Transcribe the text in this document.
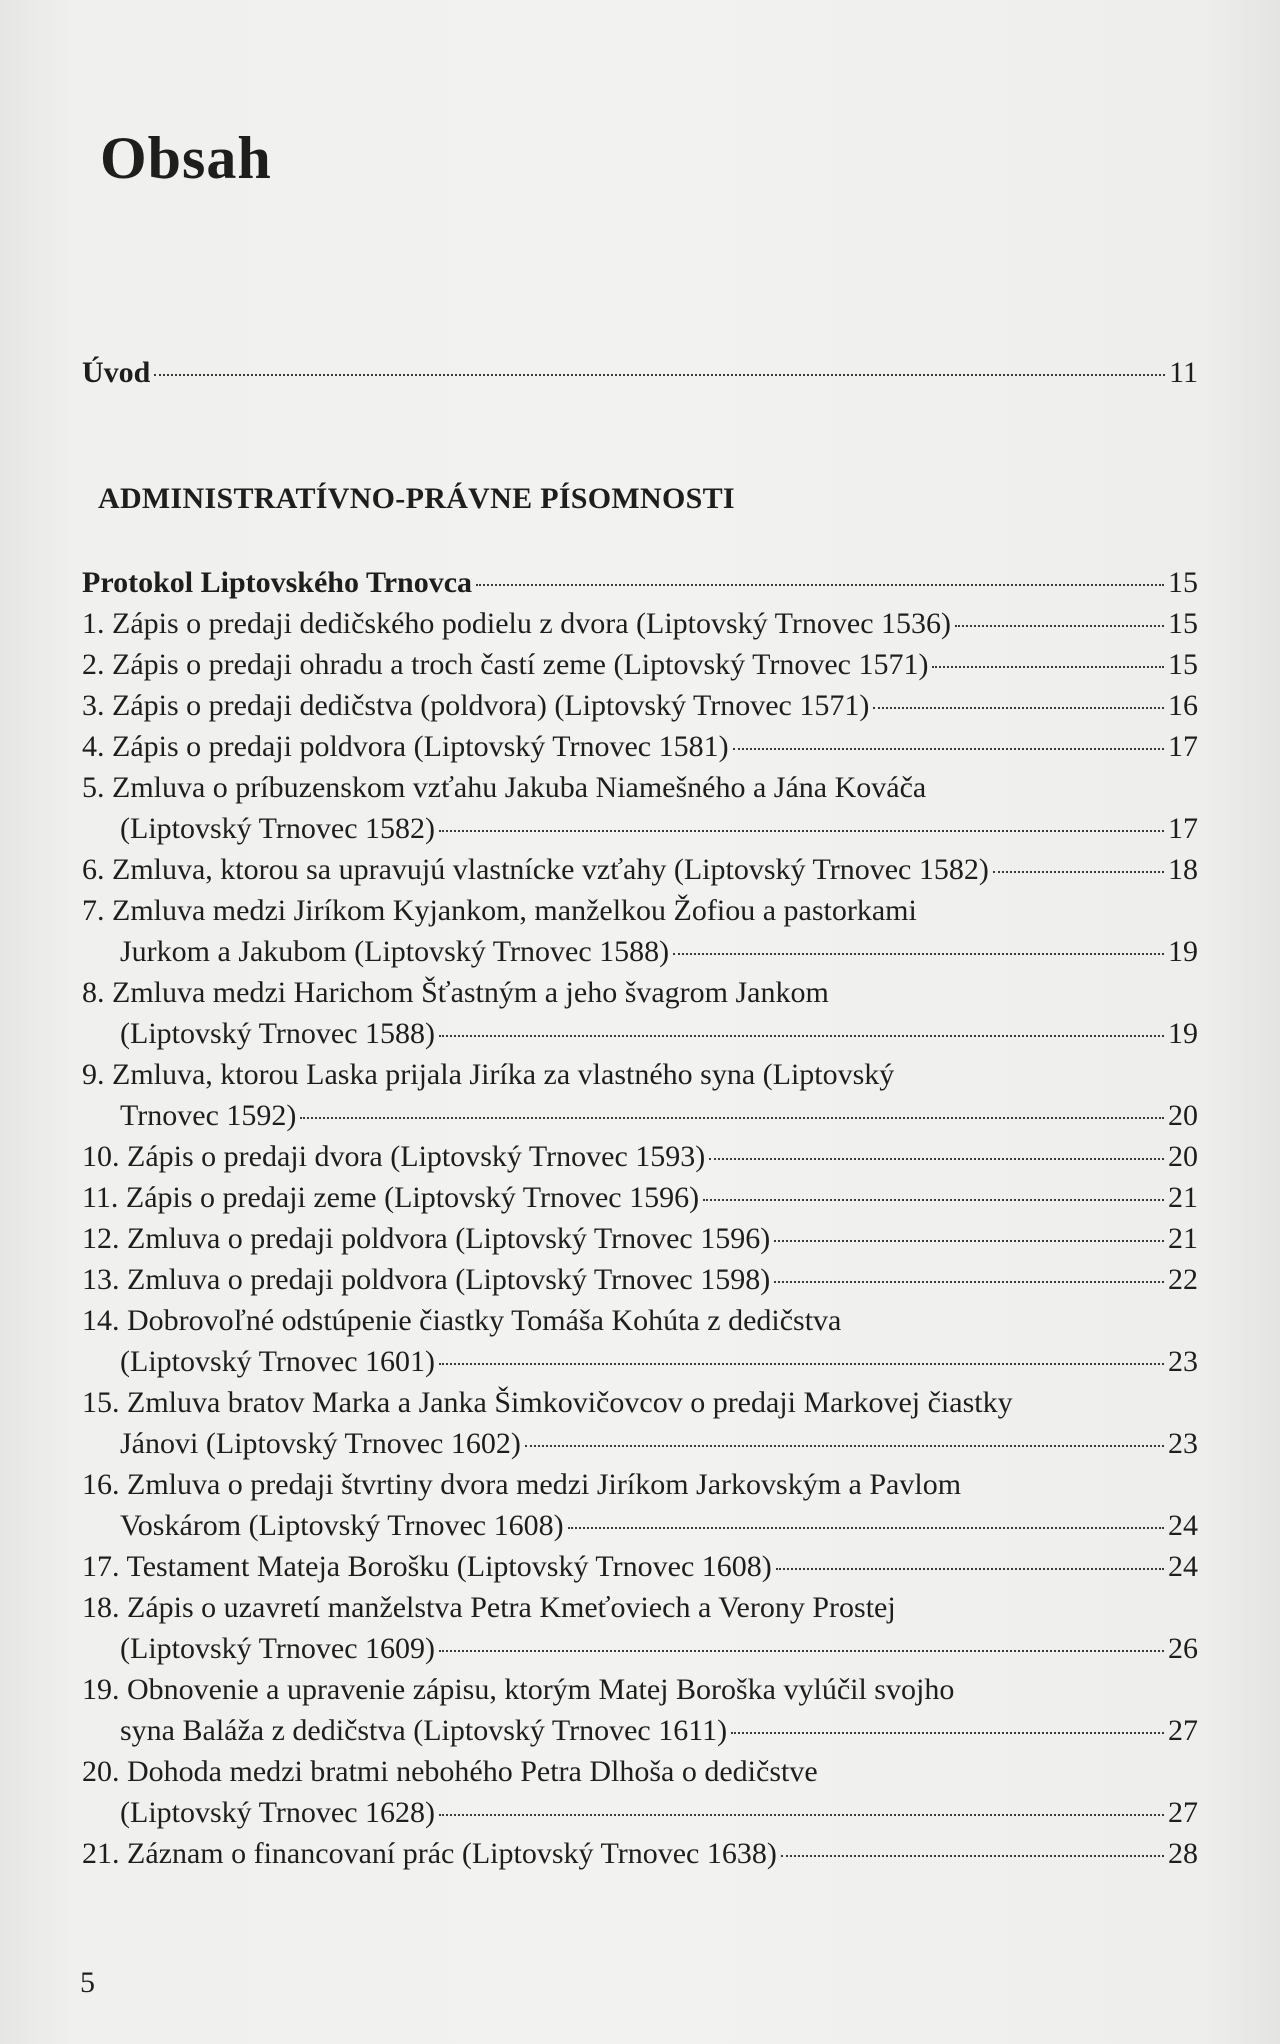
Obsah
Úvod	11
ADMINISTRATÍVNO-PRÁVNE PÍSOMNOSTI
Protokol Liptovského Trnovca	15
1. Zápis o predaji dedičského podielu z dvora (Liptovský Trnovec 1536)	15
2. Zápis o predaji ohradu a troch častí zeme (Liptovský Trnovec 1571)	15
3. Zápis o predaji dedičstva (poldvora) (Liptovský Trnovec 1571)	16
4. Zápis o predaji poldvora (Liptovský Trnovec 1581)	17
5. Zmluva o príbuzenskom vzťahu Jakuba Niamešného a Jána Kováča
(Liptovský Trnovec 1582)	17
6. Zmluva, ktorou sa upravujú vlastnícke vzťahy (Liptovský Trnovec 1582)	18
7. Zmluva medzi Jiríkom Kyjankom, manželkou Žofiou a pastorkami
Jurkom a Jakubom (Liptovský Trnovec 1588)	19
8. Zmluva medzi Harichom Šťastným a jeho švagrom Jankom
(Liptovský Trnovec 1588)	19
9. Zmluva, ktorou Laska prijala Jiríka za vlastného syna (Liptovský
Trnovec 1592)	20
10. Zápis o predaji dvora (Liptovský Trnovec 1593)	20
11. Zápis o predaji zeme (Liptovský Trnovec 1596)	21
12. Zmluva o predaji poldvora (Liptovský Trnovec 1596)	21
13. Zmluva o predaji poldvora (Liptovský Trnovec 1598)	22
14. Dobrovoľné odstúpenie čiastky Tomáša Kohúta z dedičstva
(Liptovský Trnovec 1601)	23
15. Zmluva bratov Marka a Janka Šimkovičovcov o predaji Markovej čiastky
Jánovi (Liptovský Trnovec 1602)	23
16. Zmluva o predaji štvrtiny dvora medzi Jiríkom Jarkovským a Pavlom
Voskárom (Liptovský Trnovec 1608)	24
17. Testament Mateja Borošku (Liptovský Trnovec 1608)	24
18. Zápis o uzavretí manželstva Petra Kmeťoviech a Verony Prostej
(Liptovský Trnovec 1609)	26
19. Obnovenie a upravenie zápisu, ktorým Matej Boroška vylúčil svojho
syna Baláža z dedičstva (Liptovský Trnovec 1611)	27
20. Dohoda medzi bratmi nebohého Petra Dlhoša o dedičstve
(Liptovský Trnovec 1628)	27
21. Záznam o financovaní prác (Liptovský Trnovec 1638)	28
5
